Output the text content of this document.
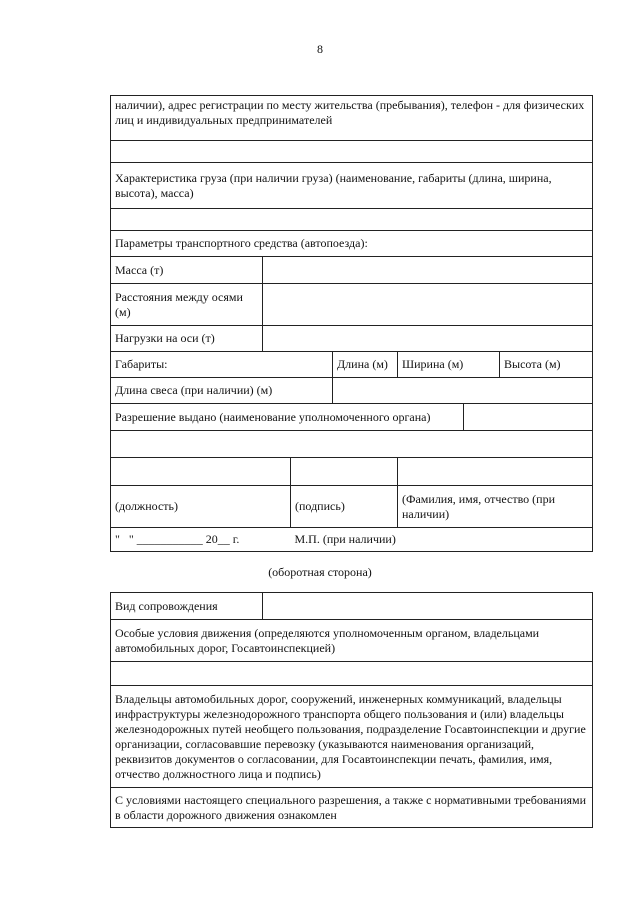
8
наличии), адрес регистрации по месту жительства (пребывания), телефон - для физических лиц и индивидуальных предпринимателей						

Характеристика груза (при наличии груза) (наименование, габариты (длина, ширина, высота), масса)						

Параметры транспортного средства (автопоезда):						
Масса (т)						
Расстояния между осями (м)						
Нагрузки на оси (т)						
Габариты:			Длина (м)	Ширина (м)		Высота (м)
Длина свеса (при наличии) (м)						
Разрешение выдано (наименование уполномоченного органа)						

(должность)		(подпись)		(Фамилия, имя, отчество (при наличии)		
"   " ___________ 20__ г.		М.П. (при наличии)				
(оборотная сторона)
Вид сопровождения	
Особые условия движения (определяются уполномоченным органом, владельцами автомобильных дорог, Госавтоинспекцией)

Владельцы автомобильных дорог, сооружений, инженерных коммуникаций, владельцы инфраструктуры железнодорожного транспорта общего пользования и (или) владельцы железнодорожных путей необщего пользования, подразделение Госавтоинспекции и другие организации, согласовавшие перевозку (указываются наименования организаций, реквизитов документов о согласовании, для Госавтоинспекции печать, фамилия, имя, отчество должностного лица и подпись)
С условиями настоящего специального разрешения, а также с нормативными требованиями в области дорожного движения ознакомлен
